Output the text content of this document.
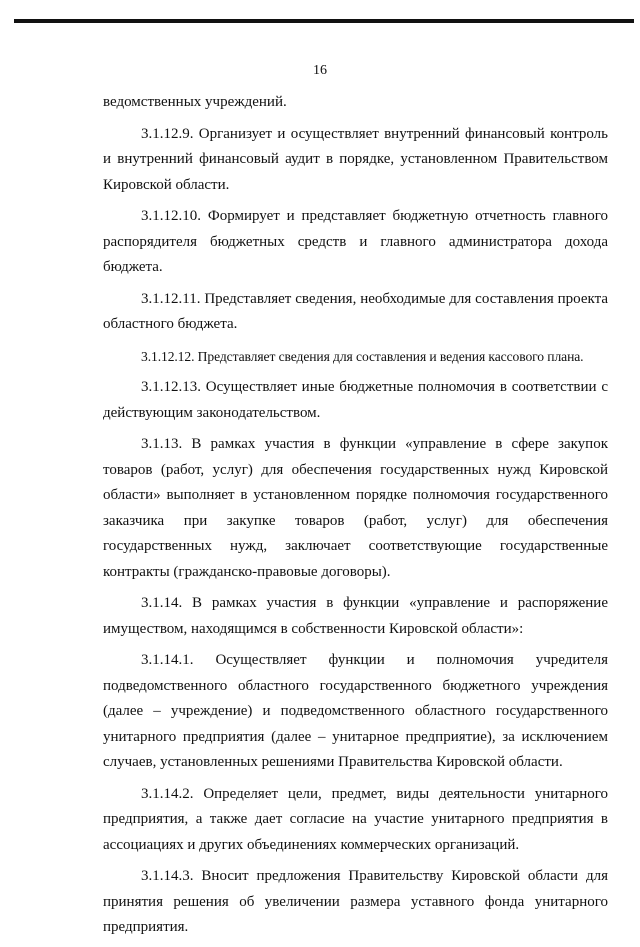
16

ведомственных учреждений.

3.1.12.9. Организует и осуществляет внутренний финансовый контроль и внутренний финансовый аудит в порядке, установленном Правительством Кировской области.

3.1.12.10. Формирует и представляет бюджетную отчетность главного распорядителя бюджетных средств и главного администратора дохода бюджета.

3.1.12.11. Представляет сведения, необходимые для составления проекта областного бюджета.

3.1.12.12. Представляет сведения для составления и ведения кассового плана.

3.1.12.13. Осуществляет иные бюджетные полномочия в соответствии с действующим законодательством.

3.1.13. В рамках участия в функции «управление в сфере закупок товаров (работ, услуг) для обеспечения государственных нужд Кировской области» выполняет в установленном порядке полномочия государственного заказчика при закупке товаров (работ, услуг) для обеспечения государственных нужд, заключает соответствующие государственные контракты (гражданско-правовые договоры).

3.1.14. В рамках участия в функции «управление и распоряжение имуществом, находящимся в собственности Кировской области»:

3.1.14.1. Осуществляет функции и полномочия учредителя подведомственного областного государственного бюджетного учреждения (далее – учреждение) и подведомственного областного государственного унитарного предприятия (далее – унитарное предприятие), за исключением случаев, установленных решениями Правительства Кировской области.

3.1.14.2. Определяет цели, предмет, виды деятельности унитарного предприятия, а также дает согласие на участие унитарного предприятия в ассоциациях и других объединениях коммерческих организаций.

3.1.14.3. Вносит предложения Правительству Кировской области для принятия решения об увеличении размера уставного фонда унитарного предприятия.
